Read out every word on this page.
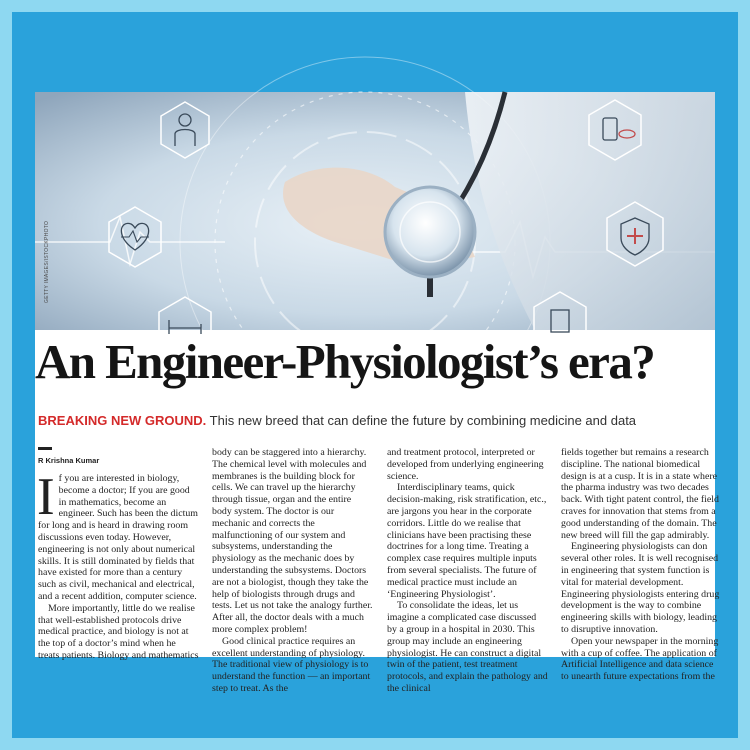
GETTY IMAGES/ISTOCKPHOTO
An Engineer-Physiologist’s era?
BREAKING NEW GROUND. This new breed that can define the future by combining medicine and data
R Krishna Kumar

If you are interested in biology, become a doctor; If you are good in mathematics, become an engineer. Such has been the dictum for long and is heard in drawing room discussions even today. However, engineering is not only about numerical skills. It is still dominated by fields that have existed for more than a century such as civil, mechanical and electrical, and a recent addition, computer science.

More importantly, little do we realise that well-established protocols drive medical practice, and biology is not at the top of a doctor’s mind when he treats patients. Biology and mathematics

body can be staggered into a hierarchy. The chemical level with molecules and membranes is the building block for cells. We can travel up the hierarchy through tissue, organ and the entire body system. The doctor is our mechanic and corrects the malfunctioning of our system and subsystems, understanding the physiology as the mechanic does by understanding the subsystems. Doctors are not a biologist, though they take the help of biologists through drugs and tests. Let us not take the analogy further. After all, the doctor deals with a much more complex problem!

Good clinical practice requires an excellent understanding of physiology. The traditional view of physiology is to understand the function — an important step to treat. As the

and treatment protocol, interpreted or developed from underlying engineering science.

Interdisciplinary teams, quick decision-making, risk stratification, etc., are jargons you hear in the corporate corridors. Little do we realise that clinicians have been practising these doctrines for a long time. Treating a complex case requires multiple inputs from several specialists. The future of medical practice must include an ‘Engineering Physiologist’.

To consolidate the ideas, let us imagine a complicated case discussed by a group in a hospital in 2030. This group may include an engineering physiologist. He can construct a digital twin of the patient, test treatment protocols, and explain the pathology and the clinical

fields together but remains a research discipline. The national biomedical design is at a cusp. It is in a state where the pharma industry was two decades back. With tight patent control, the field craves for innovation that stems from a good understanding of the domain. The new breed will fill the gap admirably.

Engineering physiologists can don several other roles. It is well recognised in engineering that system function is vital for material development. Engineering physiologists entering drug development is the way to combine engineering skills with biology, leading to disruptive innovation.

Open your newspaper in the morning with a cup of coffee. The application of Artificial Intelligence and data science to unearth future expectations from the
